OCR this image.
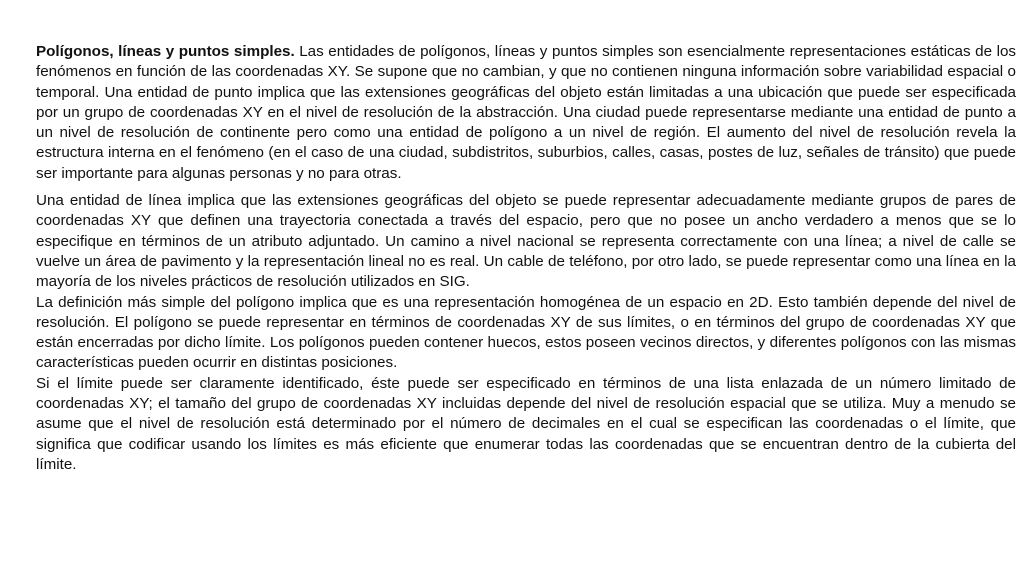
Polígonos, líneas y puntos simples. Las entidades de polígonos, líneas y puntos simples son esencialmente representaciones estáticas de los fenómenos en función de las coordenadas XY. Se supone que no cambian, y que no contienen ninguna información sobre variabilidad espacial o temporal. Una entidad de punto implica que las extensiones geográficas del objeto están limitadas a una ubicación que puede ser especificada por un grupo de coordenadas XY en el nivel de resolución de la abstracción. Una ciudad puede representarse mediante una entidad de punto a un nivel de resolución de continente pero como una entidad de polígono a un nivel de región. El aumento del nivel de resolución revela la estructura interna en el fenómeno (en el caso de una ciudad, subdistritos, suburbios, calles, casas, postes de luz, señales de tránsito) que puede ser importante para algunas personas y no para otras.

Una entidad de línea implica que las extensiones geográficas del objeto se puede representar adecuadamente mediante grupos de pares de coordenadas XY que definen una trayectoria conectada a través del espacio, pero que no posee un ancho verdadero a menos que se lo especifique en términos de un atributo adjuntado. Un camino a nivel nacional se representa correctamente con una línea; a nivel de calle se vuelve un área de pavimento y la representación lineal no es real. Un cable de teléfono, por otro lado, se puede representar como una línea en la mayoría de los niveles prácticos de resolución utilizados en SIG.

La definición más simple del polígono implica que es una representación homogénea de un espacio en 2D. Esto también depende del nivel de resolución. El polígono se puede representar en términos de coordenadas XY de sus límites, o en términos del grupo de coordenadas XY que están encerradas por dicho límite. Los polígonos pueden contener huecos, estos poseen vecinos directos, y diferentes polígonos con las mismas características pueden ocurrir en distintas posiciones.

Si el límite puede ser claramente identificado, éste puede ser especificado en términos de una lista enlazada de un número limitado de coordenadas XY; el tamaño del grupo de coordenadas XY incluidas depende del nivel de resolución espacial que se utiliza. Muy a menudo se asume que el nivel de resolución está determinado por el número de decimales en el cual se especifican las coordenadas o el límite, que significa que codificar usando los límites es más eficiente que enumerar todas las coordenadas que se encuentran dentro de la cubierta del límite.
